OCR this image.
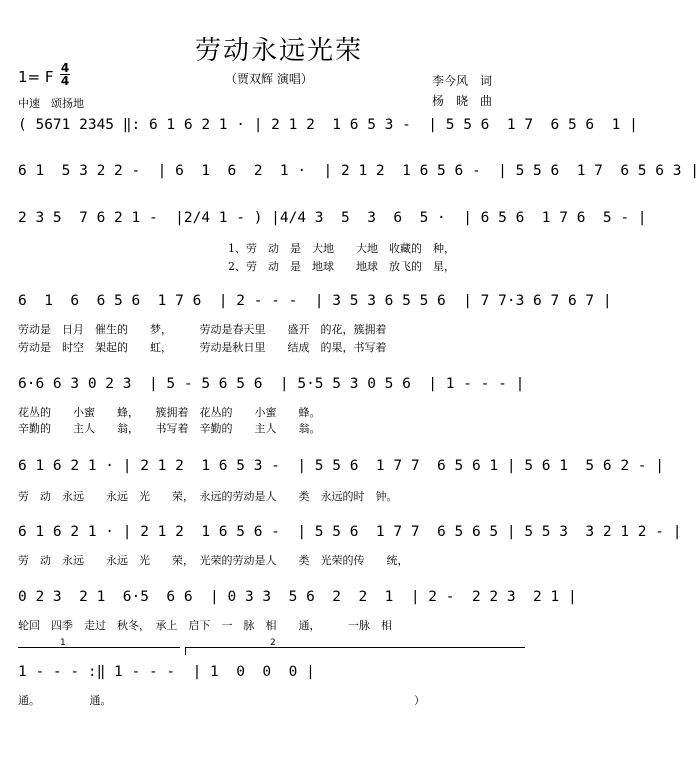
劳动永远光荣
（贾双辉 演唱）	李今风　词
杨　晓　曲
1= F 4
4
中速　颂扬地
( 5671 2345 ‖: 6 1 6 2 1 · | 2 1 2  1 6 5 3 -  | 5 5 6  1 7  6 5 6  1 |
6 1  5 3 2 2 -  | 6  1  6  2  1 ·  | 2 1 2  1 6 5 6 -  | 5 5 6  1 7  6 5 6 3 |
2 3 5  7 6 2 1 -  |2/4 1 - ) |4/4 3  5  3  6  5 ·  | 6 5 6  1 7 6  5 - |
1、劳　动　是　大地　　大地　收藏的　种，
2、劳　动　是　地球　　地球　放飞的　星，
6  1  6  6 5 6  1 7 6  | 2 - - -  | 3 5 3 6 5 5 6  | 7 7·3 6 7 6 7 |
劳动是　日月　催生的　　梦，　　　劳动是春天里　　盛开　的花，簇拥着
劳动是　时空　架起的　　虹，　　　劳动是秋日里　　结成　的果，书写着
6·6 6 3 0 2 3  | 5 - 5 6 5 6  | 5·5 5 3 0 5 6  | 1 - - - |
花丛的　　小蜜　　蜂，　　簇拥着　花丛的　　小蜜　　蜂。
辛勤的　　主人　　翁，　　书写着　辛勤的　　主人　　翁。
6 1 6 2 1 · | 2 1 2  1 6 5 3 -  | 5 5 6  1 7 7  6 5 6 1 | 5 6 1  5 6 2 - |
劳　动　永远　　永远　光　　荣，　永远的劳动是人　　类　永远的时　钟。
6 1 6 2 1 · | 2 1 2  1 6 5 6 -  | 5 5 6  1 7 7  6 5 6 5 | 5 5 3  3 2 1 2 - |
劳　动　永远　　永远　光　　荣，　光荣的劳动是人　　类　光荣的传　　统，
0 2 3  2 1  6·5  6 6  | 0 3 3  5 6  2  2  1  | 2 -  2 2 3  2 1 |
轮回　四季　走过　秋冬，　承上　启下　一　脉　相　　通，　　　一脉　相
1	2
1 - - - :‖ 1 - - -  | 1  0  0  0 |
通。　　　　　通。　　　　　　　　　　　　　　　　　　　　　　　　　　　　）
